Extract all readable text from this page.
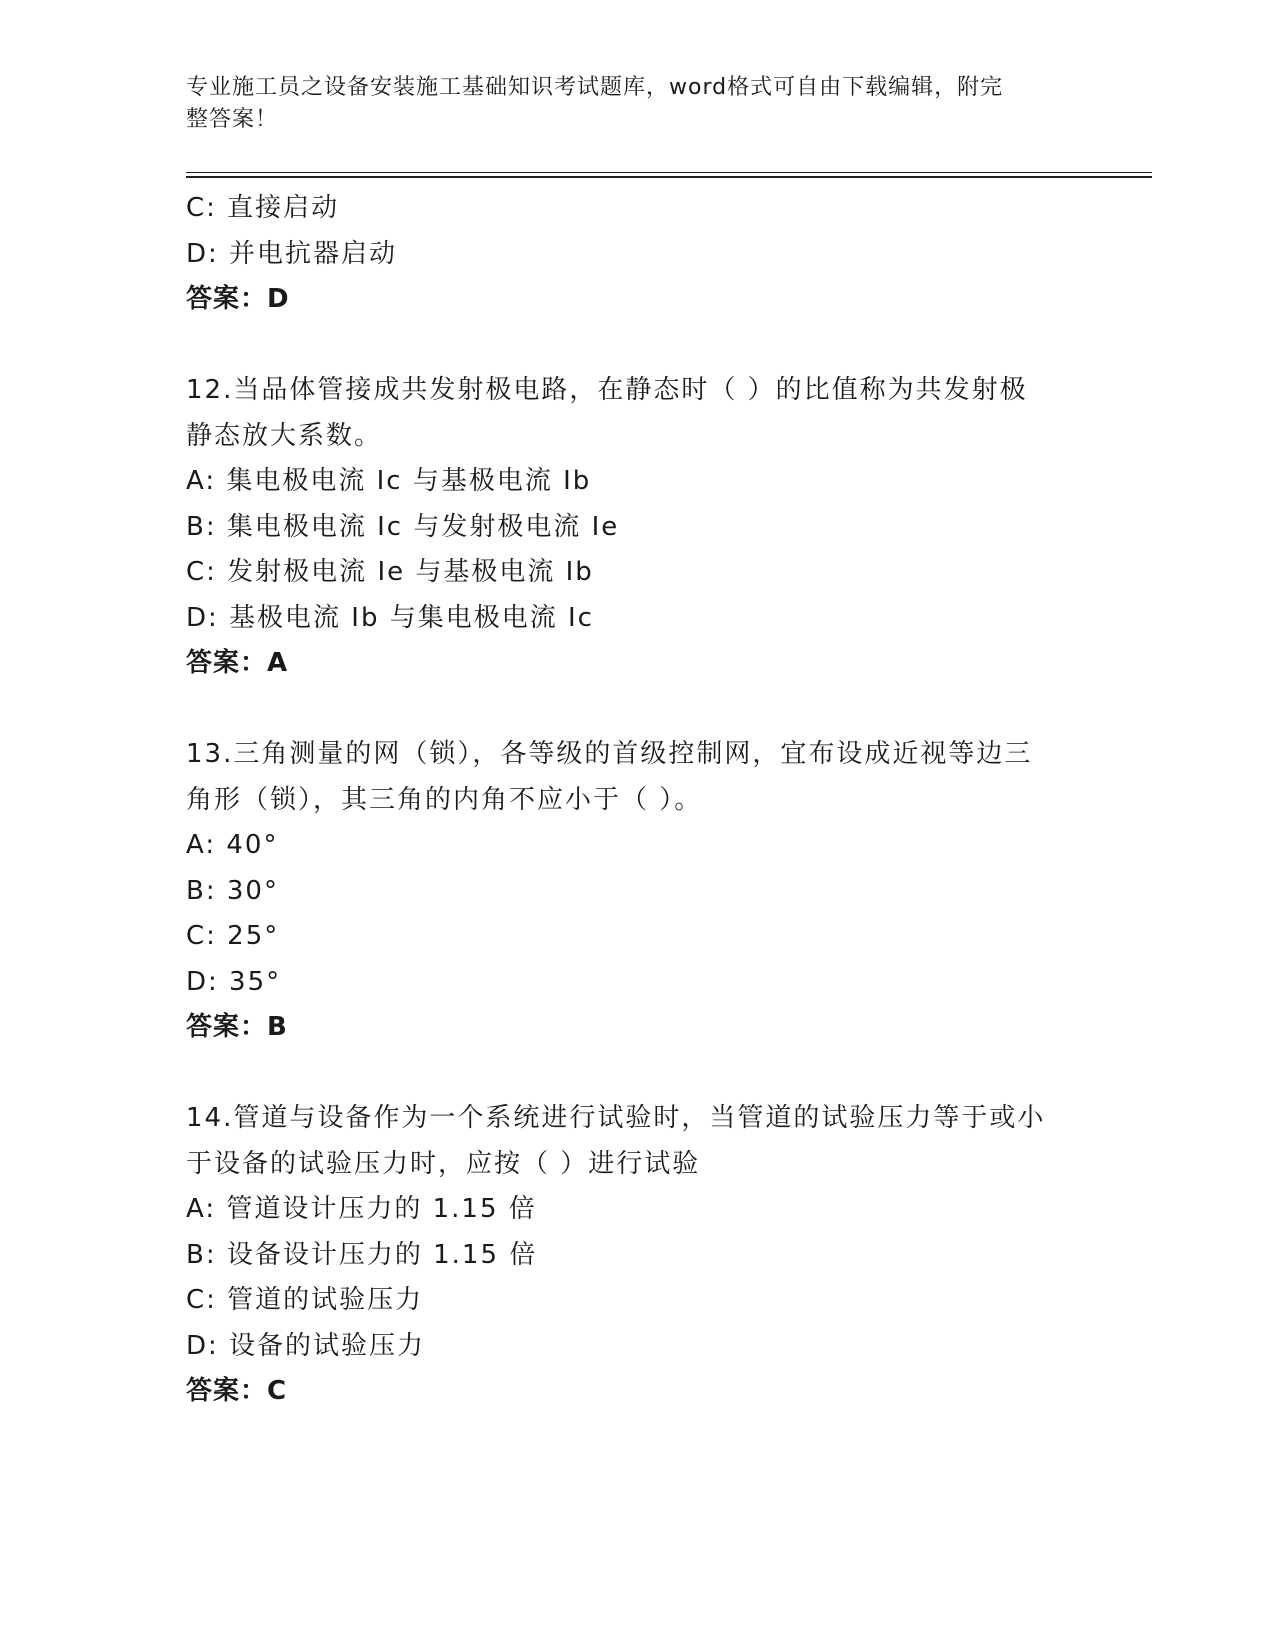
专业施工员之设备安装施工基础知识考试题库，word格式可自由下载编辑，附完
整答案！
C: 直接启动
D: 并电抗器启动
答案：D
12.当品体管接成共发射极电路，在静态时（ ）的比值称为共发射极
静态放大系数。
A: 集电极电流 Ic 与基极电流 Ib
B: 集电极电流 Ic 与发射极电流 Ie
C: 发射极电流 Ie 与基极电流 Ib
D: 基极电流 Ib 与集电极电流 Ic
答案：A
13.三角测量的网（锁），各等级的首级控制网，宜布设成近视等边三
角形（锁），其三角的内角不应小于（ ）。
A: 40°
B: 30°
C: 25°
D: 35°
答案：B
14.管道与设备作为一个系统进行试验时，当管道的试验压力等于或小
于设备的试验压力时，应按（ ）进行试验
A: 管道设计压力的 1.15 倍
B: 设备设计压力的 1.15 倍
C: 管道的试验压力
D: 设备的试验压力
答案：C
